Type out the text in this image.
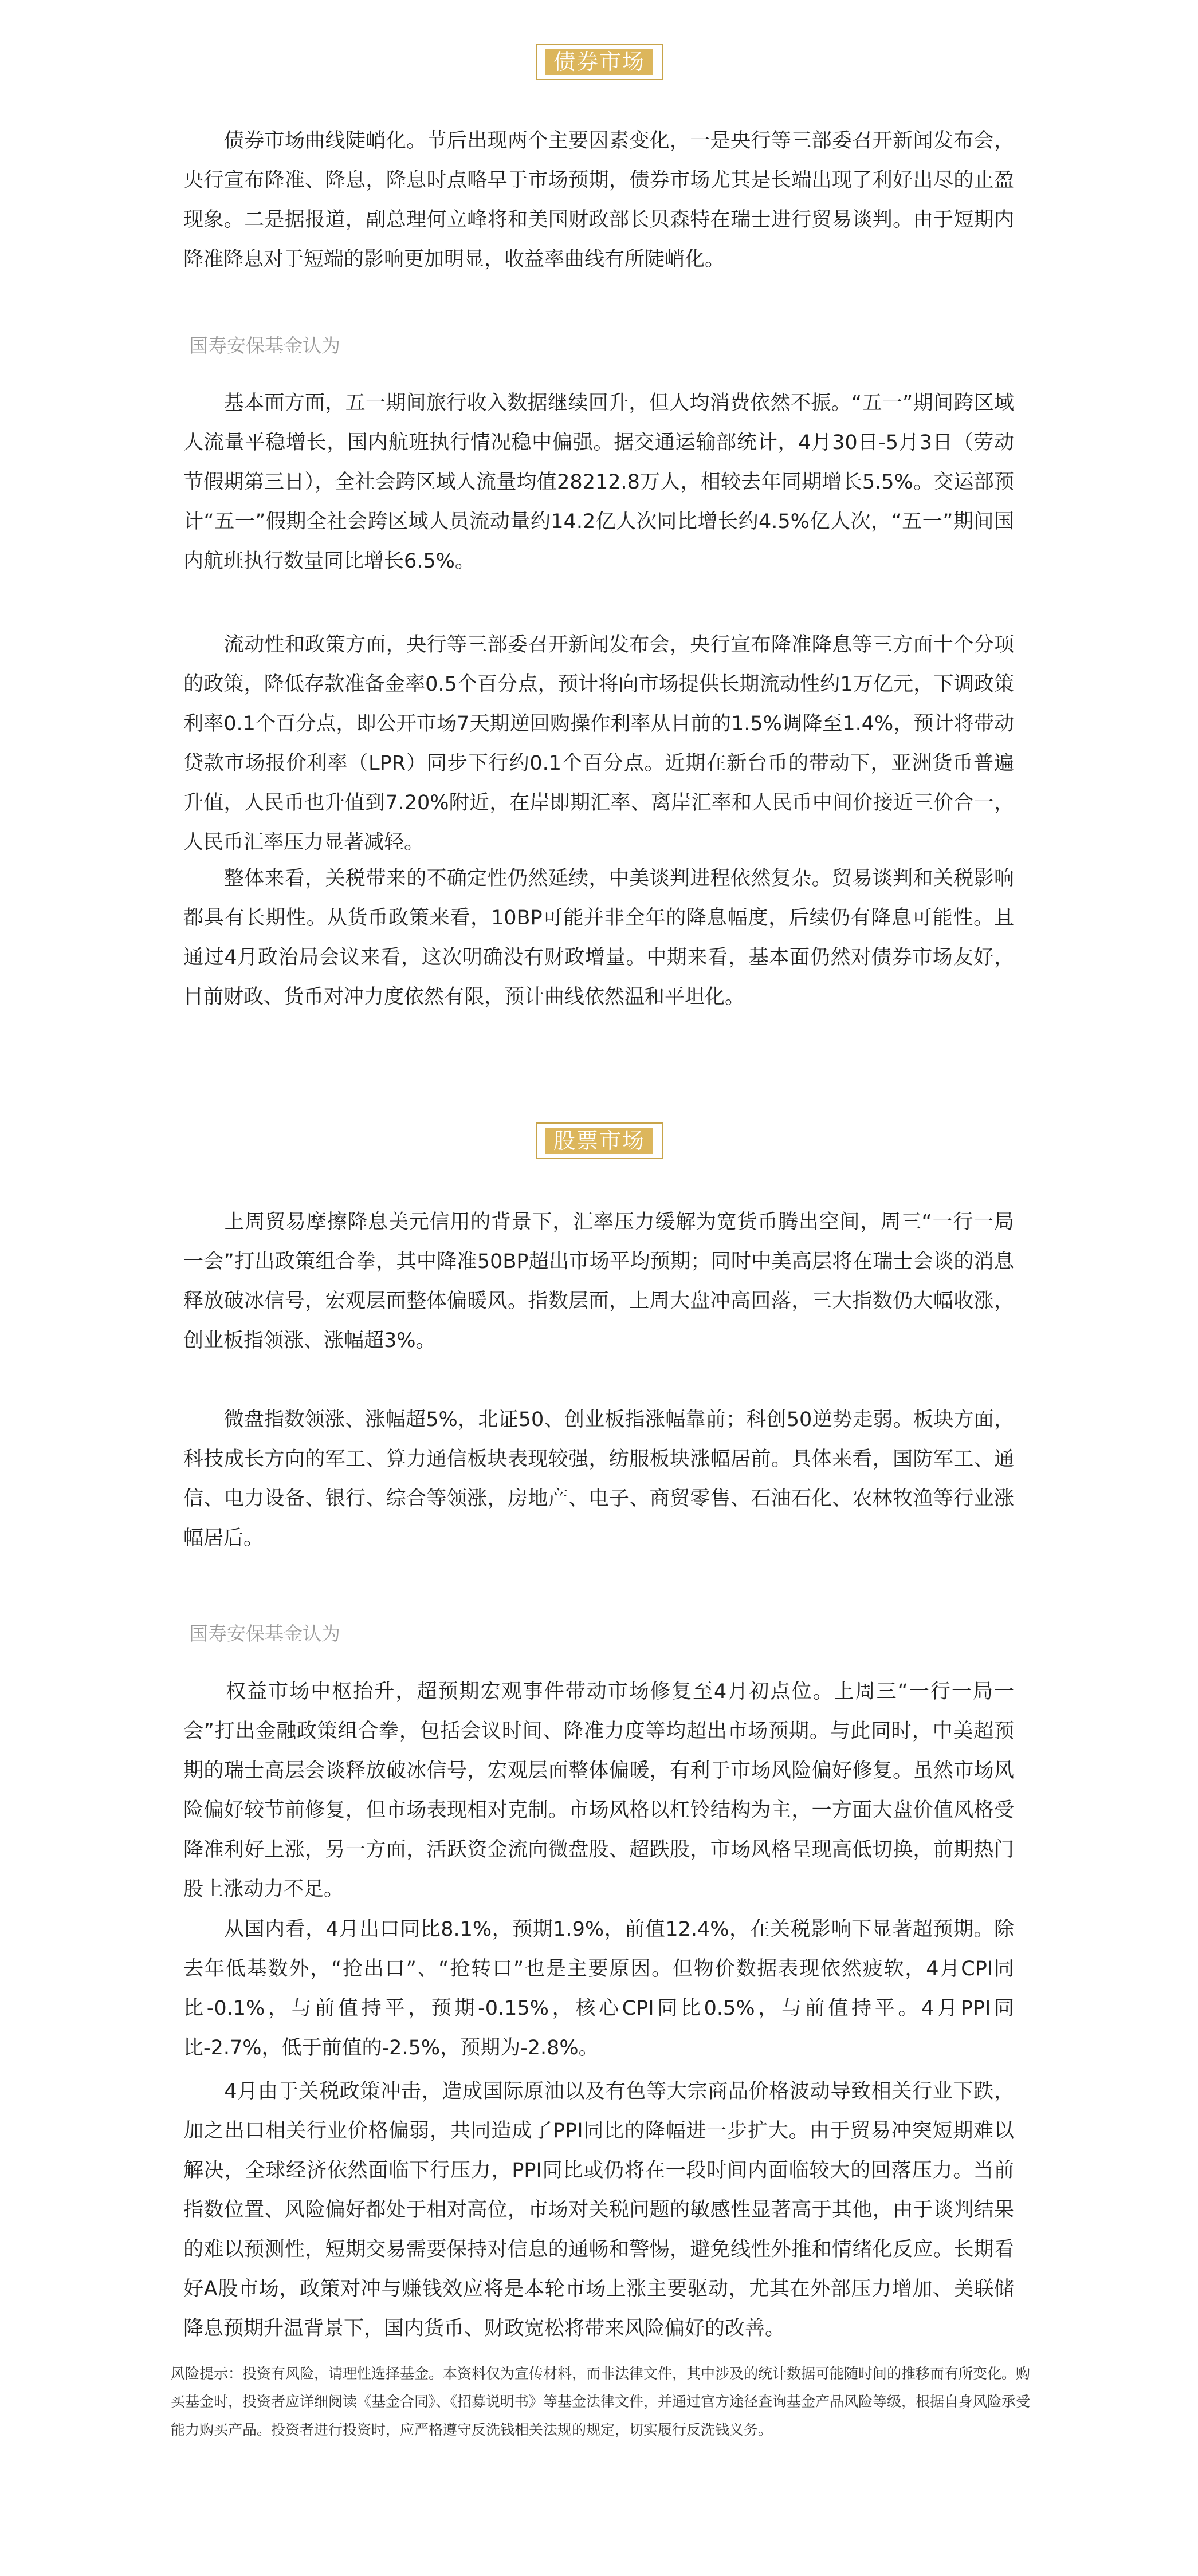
债券市场

　　债券市场曲线陡峭化。节后出现两个主要因素变化，一是央行等三部委召开新闻发布会，央行宣布降准、降息，降息时点略早于市场预期，债券市场尤其是长端出现了利好出尽的止盈现象。二是据报道，副总理何立峰将和美国财政部长贝森特在瑞士进行贸易谈判。由于短期内降准降息对于短端的影响更加明显，收益率曲线有所陡峭化。

国寿安保基金认为

　　基本面方面，五一期间旅行收入数据继续回升，但人均消费依然不振。“五一”期间跨区域人流量平稳增长，国内航班执行情况稳中偏强。据交通运输部统计，4月30日-5月3日（劳动节假期第三日），全社会跨区域人流量均值28212.8万人，相较去年同期增长5.5%。交运部预计“五一”假期全社会跨区域人员流动量约14.2亿人次同比增长约4.5%亿人次，“五一”期间国内航班执行数量同比增长6.5%。

　　流动性和政策方面，央行等三部委召开新闻发布会，央行宣布降准降息等三方面十个分项的政策，降低存款准备金率0.5个百分点，预计将向市场提供长期流动性约1万亿元，下调政策利率0.1个百分点，即公开市场7天期逆回购操作利率从目前的1.5%调降至1.4%，预计将带动贷款市场报价利率（LPR）同步下行约0.1个百分点。近期在新台币的带动下，亚洲货币普遍升值，人民币也升值到7.20%附近，在岸即期汇率、离岸汇率和人民币中间价接近三价合一，人民币汇率压力显著减轻。

　　整体来看，关税带来的不确定性仍然延续，中美谈判进程依然复杂。贸易谈判和关税影响都具有长期性。从货币政策来看，10BP可能并非全年的降息幅度，后续仍有降息可能性。且通过4月政治局会议来看，这次明确没有财政增量。中期来看，基本面仍然对债券市场友好，目前财政、货币对冲力度依然有限，预计曲线依然温和平坦化。

股票市场

　　上周贸易摩擦降息美元信用的背景下，汇率压力缓解为宽货币腾出空间，周三“一行一局一会”打出政策组合拳，其中降准50BP超出市场平均预期；同时中美高层将在瑞士会谈的消息释放破冰信号，宏观层面整体偏暖风。指数层面，上周大盘冲高回落，三大指数仍大幅收涨，创业板指领涨、涨幅超3%。

　　微盘指数领涨、涨幅超5%，北证50、创业板指涨幅靠前；科创50逆势走弱。板块方面，科技成长方向的军工、算力通信板块表现较强，纺服板块涨幅居前。具体来看，国防军工、通信、电力设备、银行、综合等领涨，房地产、电子、商贸零售、石油石化、农林牧渔等行业涨幅居后。

国寿安保基金认为

　　权益市场中枢抬升，超预期宏观事件带动市场修复至4月初点位。上周三“一行一局一会”打出金融政策组合拳，包括会议时间、降准力度等均超出市场预期。与此同时，中美超预期的瑞士高层会谈释放破冰信号，宏观层面整体偏暖，有利于市场风险偏好修复。虽然市场风险偏好较节前修复，但市场表现相对克制。市场风格以杠铃结构为主，一方面大盘价值风格受降准利好上涨，另一方面，活跃资金流向微盘股、超跌股，市场风格呈现高低切换，前期热门股上涨动力不足。

　　从国内看，4月出口同比8.1%，预期1.9%，前值12.4%，在关税影响下显著超预期。除去年低基数外，“抢出口”、“抢转口”也是主要原因。但物价数据表现依然疲软，4月CPI同比-0.1%，与前值持平，预期-0.15%，核心CPI同比0.5%，与前值持平。4月PPI同比-2.7%，低于前值的-2.5%，预期为-2.8%。

　　4月由于关税政策冲击，造成国际原油以及有色等大宗商品价格波动导致相关行业下跌，加之出口相关行业价格偏弱，共同造成了PPI同比的降幅进一步扩大。由于贸易冲突短期难以解决，全球经济依然面临下行压力，PPI同比或仍将在一段时间内面临较大的回落压力。当前指数位置、风险偏好都处于相对高位，市场对关税问题的敏感性显著高于其他，由于谈判结果的难以预测性，短期交易需要保持对信息的通畅和警惕，避免线性外推和情绪化反应。长期看好A股市场，政策对冲与赚钱效应将是本轮市场上涨主要驱动，尤其在外部压力增加、美联储降息预期升温背景下，国内货币、财政宽松将带来风险偏好的改善。

风险提示：投资有风险，请理性选择基金。本资料仅为宣传材料，而非法律文件，其中涉及的统计数据可能随时间的推移而有所变化。购买基金时，投资者应详细阅读《基金合同》、《招募说明书》等基金法律文件，并通过官方途径查询基金产品风险等级，根据自身风险承受能力购买产品。投资者进行投资时，应严格遵守反洗钱相关法规的规定，切实履行反洗钱义务。
